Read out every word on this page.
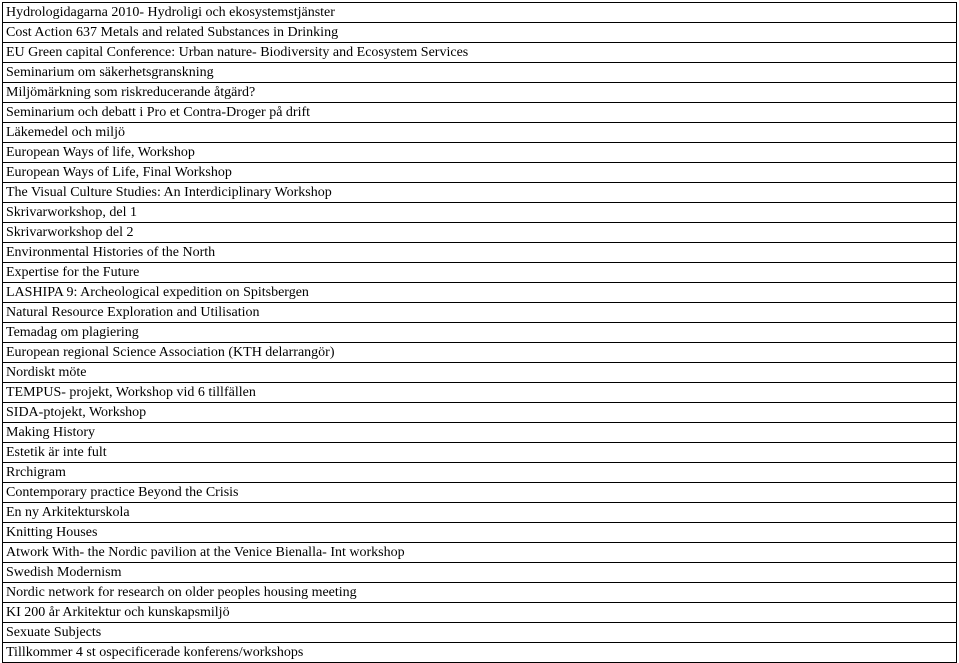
Hydrologidagarna 2010- Hydroligi och ekosystemstjänster
Cost Action 637 Metals and related Substances in Drinking
EU Green capital Conference: Urban nature- Biodiversity and Ecosystem Services
Seminarium om säkerhetsgranskning
Miljömärkning som riskreducerande åtgärd?
Seminarium och debatt i Pro et Contra-Droger på drift
Läkemedel och miljö
European Ways of life, Workshop
European Ways of Life, Final Workshop
The Visual Culture Studies: An Interdiciplinary Workshop
Skrivarworkshop, del 1
Skrivarworkshop del 2
Environmental Histories of the North
Expertise for the Future
LASHIPA 9: Archeological expedition on Spitsbergen
Natural Resource Exploration and Utilisation
Temadag om plagiering
European regional Science Association (KTH delarrangör)
Nordiskt möte
TEMPUS- projekt, Workshop vid 6 tillfällen
SIDA-ptojekt, Workshop
Making History
Estetik är inte fult
Rrchigram
Contemporary practice Beyond the Crisis
En ny Arkitekturskola
Knitting Houses
Atwork With- the Nordic pavilion at the Venice Bienalla- Int workshop
Swedish Modernism
Nordic network for research on older peoples housing meeting
KI 200 år Arkitektur och kunskapsmiljö
Sexuate Subjects
Tillkommer 4 st ospecificerade konferens/workshops
